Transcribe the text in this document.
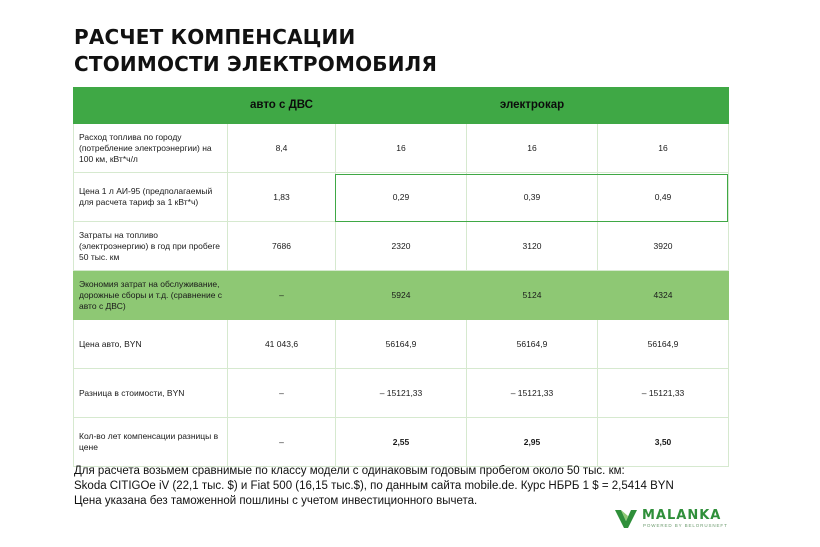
РАСЧЕТ КОМПЕНСАЦИИ
СТОИМОСТИ ЭЛЕКТРОМОБИЛЯ
	авто с ДВС	электрокар		
Расход топлива по городу (потребление электроэнергии) на 100 км, кВт*ч/л	8,4	16	16	16
Цена 1 л АИ-95 (предполагаемый для расчета тариф за 1 кВт*ч)	1,83	0,29	0,39	0,49
Затраты на топливо (электроэнергию) в год при пробеге 50 тыс. км	7686	2320	3120	3920
Экономия затрат на обслуживание, дорожные сборы и т.д. (сравнение с авто с ДВС)	–	5924	5124	4324
Цена авто, BYN	41 043,6	56164,9	56164,9	56164,9
Разница в стоимости, BYN	–	– 15121,33	– 15121,33	– 15121,33
Кол-во лет компенсации разницы в цене	–	2,55	2,95	3,50
Для расчета возьмем сравнимые по классу модели с одинаковым годовым пробегом около 50 тыс. км:
Skoda CITIGOe iV (22,1 тыс. $) и Fiat 500 (16,15 тыс.$), по данным сайта mobile.de. Курс НБРБ 1 $ = 2,5414 BYN
Цена указана без таможенной пошлины с учетом инвестиционного вычета.
MALANKA
POWERED BY BELORUSNEFT
